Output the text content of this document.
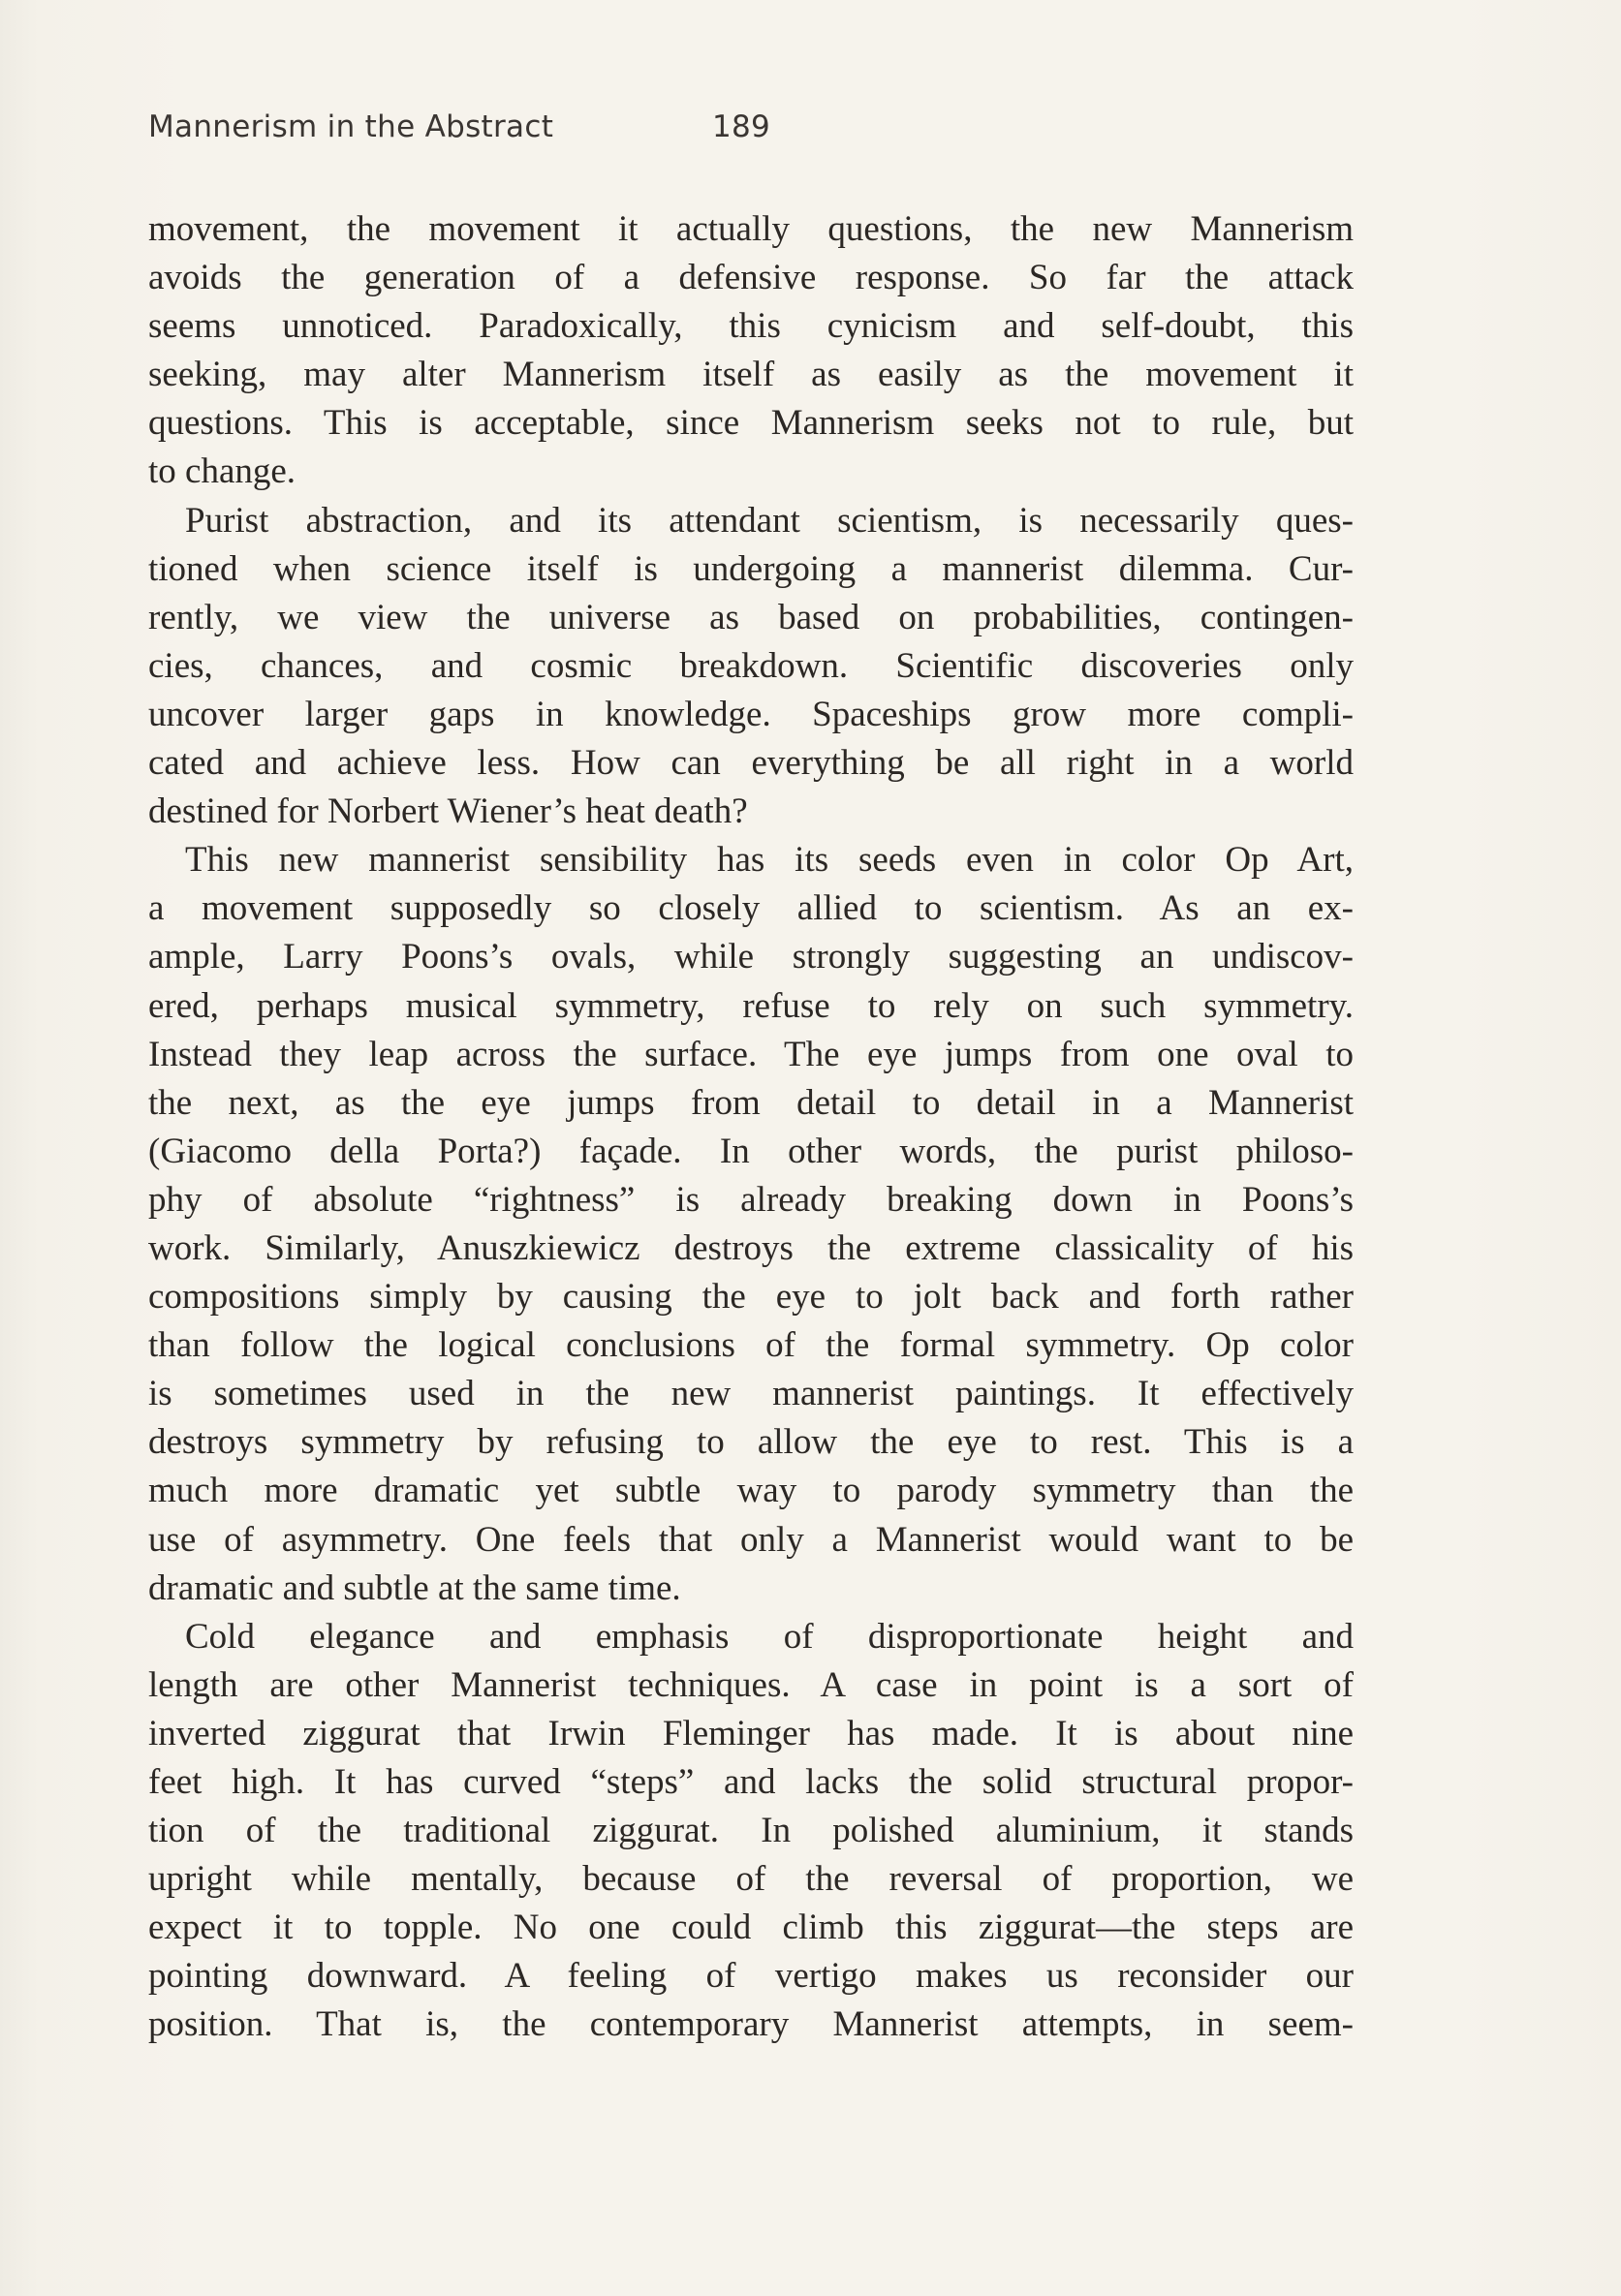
Mannerism in the Abstract	189
movement, the movement it actually questions, the new Mannerism
avoids the generation of a defensive response. So far the attack
seems unnoticed. Paradoxically, this cynicism and self-doubt, this
seeking, may alter Mannerism itself as easily as the movement it
questions. This is acceptable, since Mannerism seeks not to rule, but
to change.
Purist abstraction, and its attendant scientism, is necessarily ques-
tioned when science itself is undergoing a mannerist dilemma. Cur-
rently, we view the universe as based on probabilities, contingen-
cies, chances, and cosmic breakdown. Scientific discoveries only
uncover larger gaps in knowledge. Spaceships grow more compli-
cated and achieve less. How can everything be all right in a world
destined for Norbert Wiener’s heat death?
This new mannerist sensibility has its seeds even in color Op Art,
a movement supposedly so closely allied to scientism. As an ex-
ample, Larry Poons’s ovals, while strongly suggesting an undiscov-
ered, perhaps musical symmetry, refuse to rely on such symmetry.
Instead they leap across the surface. The eye jumps from one oval to
the next, as the eye jumps from detail to detail in a Mannerist
(Giacomo della Porta?) façade. In other words, the purist philoso-
phy of absolute “rightness” is already breaking down in Poons’s
work. Similarly, Anuszkiewicz destroys the extreme classicality of his
compositions simply by causing the eye to jolt back and forth rather
than follow the logical conclusions of the formal symmetry. Op color
is sometimes used in the new mannerist paintings. It effectively
destroys symmetry by refusing to allow the eye to rest. This is a
much more dramatic yet subtle way to parody symmetry than the
use of asymmetry. One feels that only a Mannerist would want to be
dramatic and subtle at the same time.
Cold elegance and emphasis of disproportionate height and
length are other Mannerist techniques. A case in point is a sort of
inverted ziggurat that Irwin Fleminger has made. It is about nine
feet high. It has curved “steps” and lacks the solid structural propor-
tion of the traditional ziggurat. In polished aluminium, it stands
upright while mentally, because of the reversal of proportion, we
expect it to topple. No one could climb this ziggurat—the steps are
pointing downward. A feeling of vertigo makes us reconsider our
position. That is, the contemporary Mannerist attempts, in seem-
